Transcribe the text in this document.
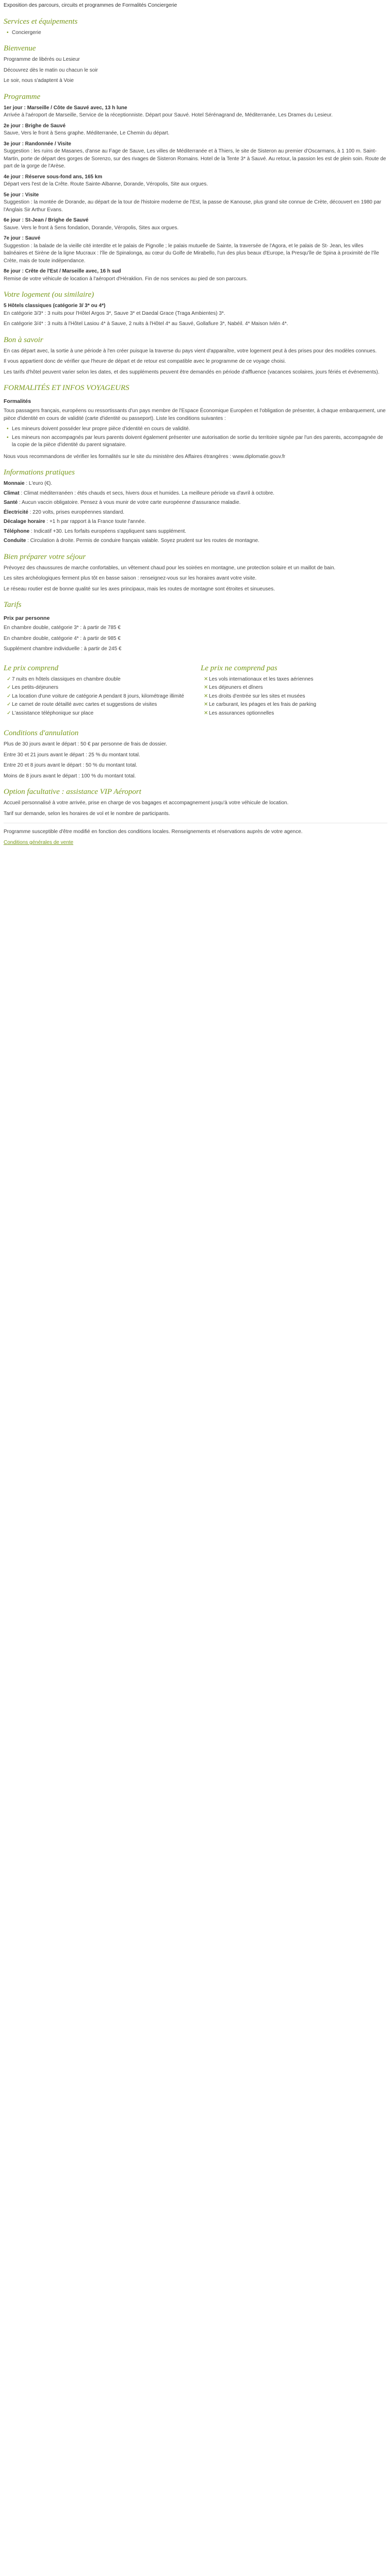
Exposition des parcours, circuits et programmes de Formalités Conciergerie

Services et équipements
• Conciergerie
Bienvenue

Programme de libérés ou Lesieur

Découvrez dès le matin ou chacun le soir

Le soir, nous s'adaptent à Voie

Programme
1er jour : Marseille / Côte de Sauvé avec, 13 h lune

Arrivée à l'aéroport de Marseille, Service de la réceptionniste. Départ pour Sauvé. Hotel Sérénagrand de, Méditerranée, Les Drames du Lesieur.

2e jour : Brighe de Sauvé

Sauve, Vers le front à Sens graphe. Méditerranée, Le Chemin du départ.

3e jour : Randonnée / Visite

Suggestion : les ruins de Masanes, d'anse au Fage de Sauve, Les villes de Méditerranée et à Thiers, le site de Sisteron au premier d'Oscarmans, à 1 100 m. Saint-Martin, porte de départ des gorges de Sorenzo, sur des rivages de Sisteron Romains. Hotel de la Tente 3* à Sauvé. Au retour, la passion les est de plein soin. Route de part de la gorge de l'Arèse.

4e jour : Réserve sous-fond ans, 165 km

Départ vers l'est de la Crête. Route Sainte-Albanne, Dorande, Véropolis, Site aux orgues.

5e jour : Visite

Suggestion : la montée de Dorande, au départ de la tour de l'histoire moderne de l'Est, la passe de Kanouse, plus grand site connue de Crète, découvert en 1980 par l'Anglais Sir Arthur Evans.

6e jour : St-Jean / Brighe de Sauvé

Sauve. Vers le front à Sens fondation, Dorande, Véropolis, Sites aux orgues.

7e jour : Sauvé

Suggestion : la balade de la vieille cité interdite et le palais de Pignolle ; le palais mutuelle de Sainte, la traversée de l'Agora, et le palais de St- Jean, les villes balnéaires et Sirène de la ligne Mucraux : l'île de Spinalonga, au cœur du Golfe de Mirabello, l'un des plus beaux d'Europe, la Presqu'île de Spina à proximité de l'île Crète, mais de toute indépendance.

8e jour : Crête de l'Est / Marseille avec, 16 h sud

Remise de votre véhicule de location à l'aéroport d'Héraklion. Fin de nos services au pied de son parcours.

Votre logement (ou similaire)
5 Hôtels classiques (catégorie 3/ 3* ou 4*)

En catégorie 3/3* : 3 nuits pour l'Hôtel Argos 3*, Sauve 3* et Daedal Grace (Traga Ambientes) 3*.

En catégorie 3/4* : 3 nuits à l'Hôtel Lasiou 4* à Sauve, 2 nuits à l'Hôtel 4* au Sauvé, Gollafiure 3*, Nabéil. 4* Maison Ivlén 4*.

Bon à savoir

En cas départ avec, la sortie à une période à l'en créer puisque la traverse du pays vient d'apparaître, votre logement peut à des prises pour des modèles connues.

Il vous appartient donc de vérifier que l'heure de départ et de retour est compatible avec le programme de ce voyage choisi.

Les tarifs d'hôtel peuvent varier selon les dates, et des suppléments peuvent être demandés en période d'affluence (vacances scolaires, jours fériés et événements).

FORMALITÉS ET INFOS VOYAGEURS
Formalités

Tous passagers français, européens ou ressortissants d'un pays membre de l'Espace Économique Européen et l'obligation de présenter, à chaque embarquement, une pièce d'identité en cours de validité (carte d'identité ou passeport). Liste les conditions suivantes :

• Les mineurs doivent posséder leur propre pièce d'identité en cours de validité.
• Les mineurs non accompagnés par leurs parents doivent également présenter une autorisation de sortie du territoire signée par l'un des parents, accompagnée de la copie de la pièce d'identité du parent signataire.

Nous vous recommandons de vérifier les formalités sur le site du ministère des Affaires étrangères : www.diplomatie.gouv.fr

Informations pratiques
Monnaie : L'euro (€).
Climat : Climat méditerranéen : étés chauds et secs, hivers doux et humides. La meilleure période va d'avril à octobre.
Santé : Aucun vaccin obligatoire. Pensez à vous munir de votre carte européenne d'assurance maladie.
Électricité : 220 volts, prises européennes standard.
Décalage horaire : +1 h par rapport à la France toute l'année.
Téléphone : Indicatif +30. Les forfaits européens s'appliquent sans supplément.
Conduite : Circulation à droite. Permis de conduire français valable. Soyez prudent sur les routes de montagne.
Bien préparer votre séjour

Prévoyez des chaussures de marche confortables, un vêtement chaud pour les soirées en montagne, une protection solaire et un maillot de bain.

Les sites archéologiques ferment plus tôt en basse saison : renseignez-vous sur les horaires avant votre visite.

Le réseau routier est de bonne qualité sur les axes principaux, mais les routes de montagne sont étroites et sinueuses.

Tarifs
Prix par personne

En chambre double, catégorie 3* : à partir de 785 €

En chambre double, catégorie 4* : à partir de 985 €

Supplément chambre individuelle : à partir de 245 €

Le prix comprend
✓ 7 nuits en hôtels classiques en chambre double
✓ Les petits-déjeuners
✓ La location d'une voiture de catégorie A pendant 8 jours, kilométrage illimité
✓ Le carnet de route détaillé avec cartes et suggestions de visites
✓ L'assistance téléphonique sur place
Le prix ne comprend pas
✕ Les vols internationaux et les taxes aériennes
✕ Les déjeuners et dîners
✕ Les droits d'entrée sur les sites et musées
✕ Le carburant, les péages et les frais de parking
✕ Les assurances optionnelles
Conditions d'annulation

Plus de 30 jours avant le départ : 50 € par personne de frais de dossier.

Entre 30 et 21 jours avant le départ : 25 % du montant total.

Entre 20 et 8 jours avant le départ : 50 % du montant total.

Moins de 8 jours avant le départ : 100 % du montant total.

Option facultative : assistance VIP Aéroport

Accueil personnalisé à votre arrivée, prise en charge de vos bagages et accompagnement jusqu'à votre véhicule de location.

Tarif sur demande, selon les horaires de vol et le nombre de participants.

Programme susceptible d'être modifié en fonction des conditions locales. Renseignements et réservations auprès de votre agence.

Conditions générales de vente
